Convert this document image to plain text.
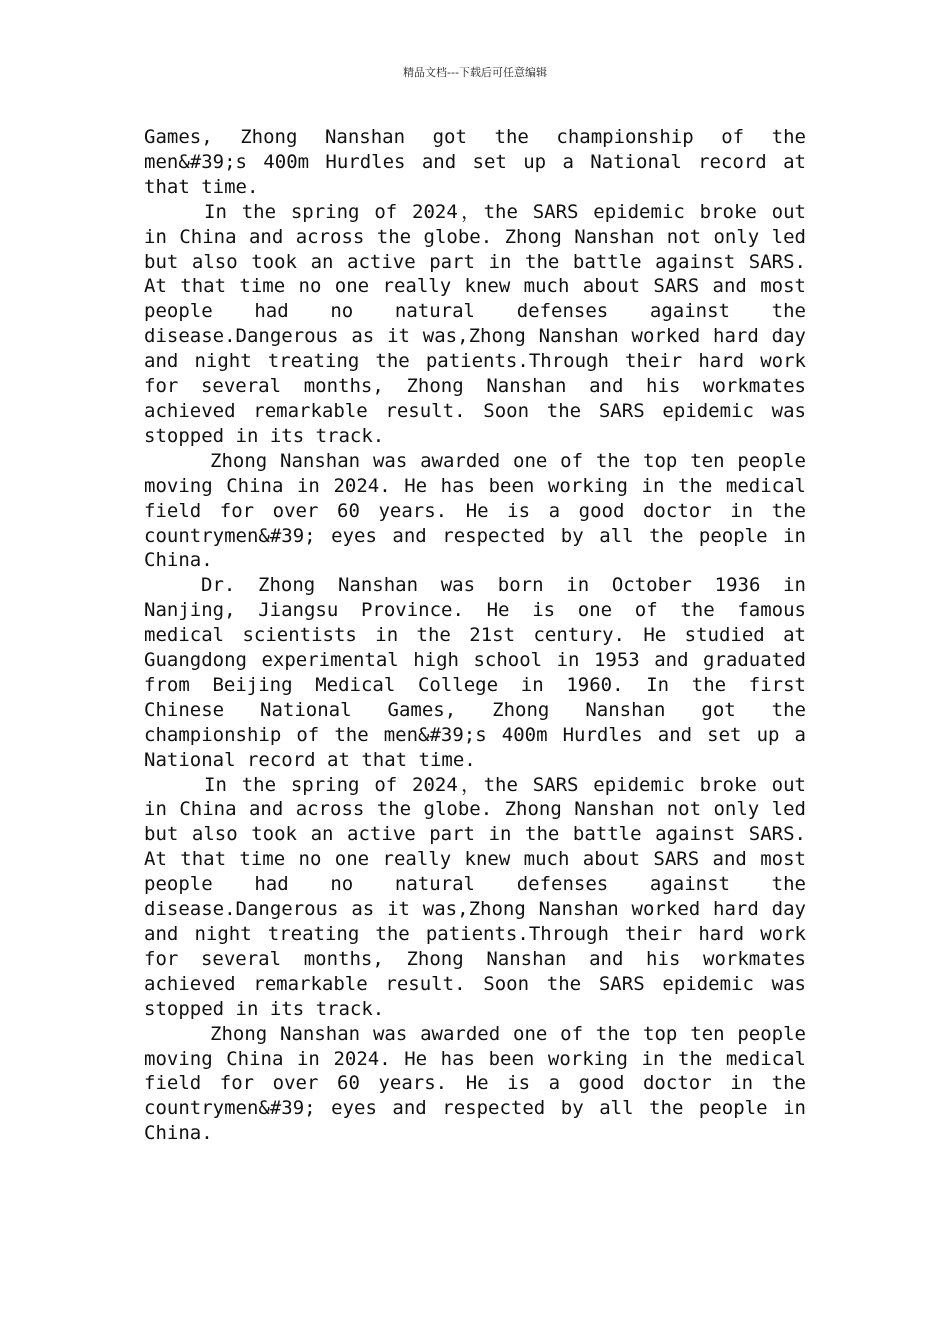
精品文档---下载后可任意编辑

Games, Zhong Nanshan got the championship of the men&#39;s 400m Hurdles and set up a National record at that time.

In the spring of 2024，the SARS epidemic broke out in China and across the globe. Zhong Nanshan not only led but also took an active part in the battle against SARS. At that time no one really knew much about SARS and most people had no natural defenses against the disease.Dangerous as it was,Zhong Nanshan worked hard day and night treating the patients.Through their hard work for several months, Zhong Nanshan and his workmates achieved remarkable result. Soon the SARS epidemic was stopped in its track.

Zhong Nanshan was awarded one of the top ten people moving China in 2024. He has been working in the medical field for over 60 years. He is a good doctor in the countrymen&#39; eyes and respected by all the people in China.

Dr. Zhong Nanshan was born in October 1936 in Nanjing, Jiangsu Province. He is one of the famous medical scientists in the 21st century. He studied at Guangdong experimental high school in 1953 and graduated from Beijing Medical College in 1960. In the first Chinese National Games, Zhong Nanshan got the championship of the men&#39;s 400m Hurdles and set up a National record at that time.

In the spring of 2024，the SARS epidemic broke out in China and across the globe. Zhong Nanshan not only led but also took an active part in the battle against SARS. At that time no one really knew much about SARS and most people had no natural defenses against the disease.Dangerous as it was,Zhong Nanshan worked hard day and night treating the patients.Through their hard work for several months, Zhong Nanshan and his workmates achieved remarkable result. Soon the SARS epidemic was stopped in its track.

Zhong Nanshan was awarded one of the top ten people moving China in 2024. He has been working in the medical field for over 60 years. He is a good doctor in the countrymen&#39; eyes and respected by all the people in China.
